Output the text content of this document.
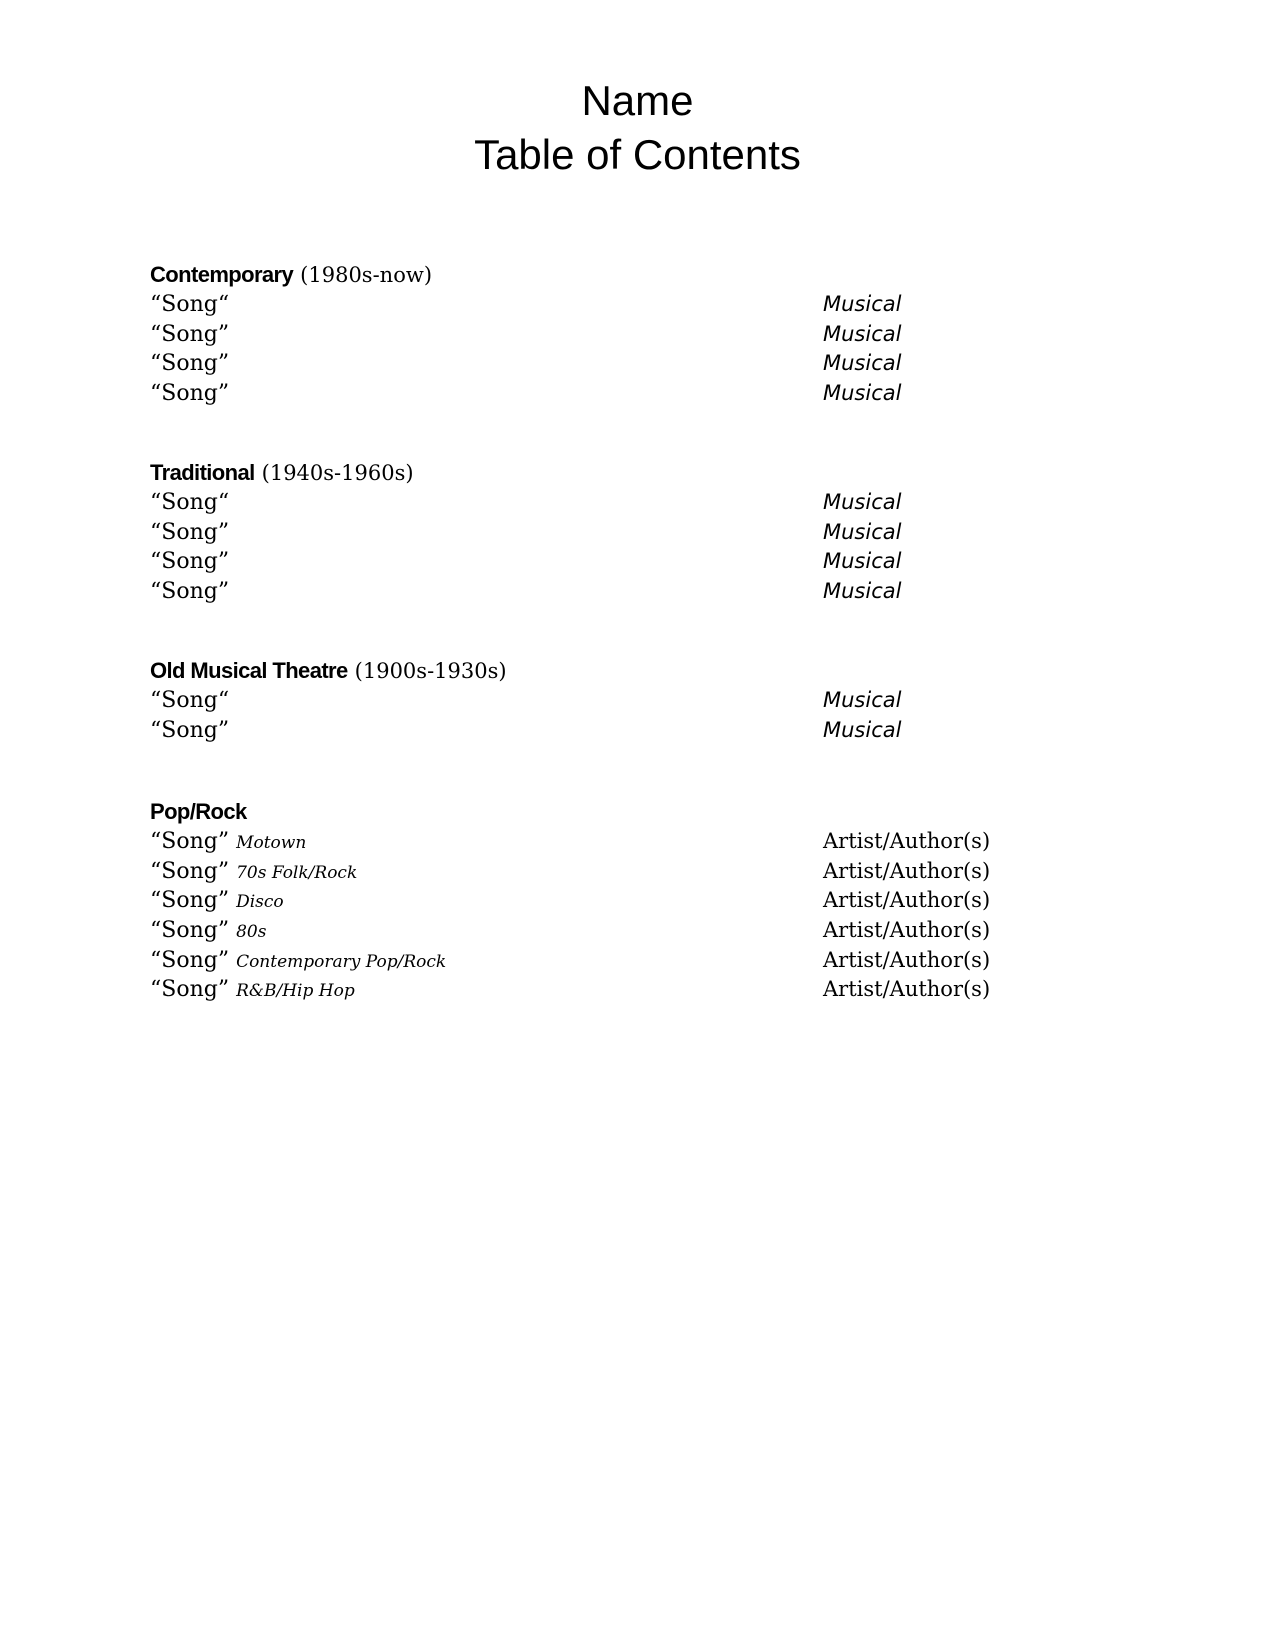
Name
Table of Contents
Contemporary (1980s-now)
“Song“	Musical
“Song”	Musical
“Song”	Musical
“Song”	Musical
Traditional (1940s-1960s)
“Song“	Musical
“Song”	Musical
“Song”	Musical
“Song”	Musical
Old Musical Theatre (1900s-1930s)
“Song“	Musical
“Song”	Musical
Pop/Rock
“Song” Motown	Artist/Author(s)
“Song” 70s Folk/Rock	Artist/Author(s)
“Song” Disco	Artist/Author(s)
“Song” 80s	Artist/Author(s)
“Song” Contemporary Pop/Rock	Artist/Author(s)
“Song” R&B/Hip Hop	Artist/Author(s)
